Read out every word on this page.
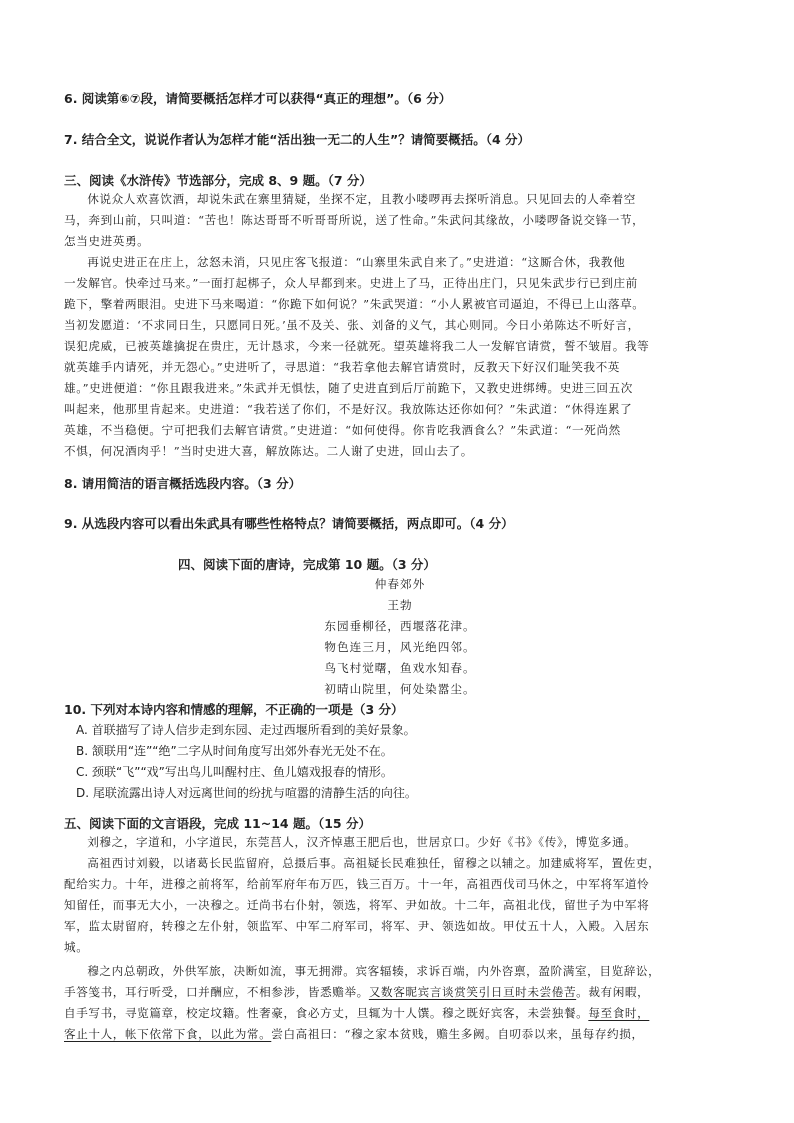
6. 阅读第⑥⑦段，请简要概括怎样才可以获得“真正的理想”。（6 分）
7. 结合全文，说说作者认为怎样才能“活出独一无二的人生”？请简要概括。（4 分）
三、阅读《水浒传》节选部分，完成 8、9 题。（7 分）
休说众人欢喜饮酒，却说朱武在寨里猜疑，坐探不定，且教小喽啰再去探听消息。只见回去的人牵着空
马，奔到山前，只叫道：“苦也！陈达哥哥不听哥哥所说，送了性命。”朱武问其缘故，小喽啰备说交锋一节，
怎当史进英勇。
再说史进正在庄上，忿怒未消，只见庄客飞报道：“山寨里朱武自来了。”史进道：“这厮合休，我教他
一发解官。快牵过马来。”一面打起梆子，众人早都到来。史进上了马，正待出庄门，只见朱武步行已到庄前
跪下，擎着两眼泪。史进下马来喝道：“你跪下如何说？”朱武哭道：“小人累被官司逼迫，不得已上山落草。
当初发愿道：‘不求同日生，只愿同日死。’虽不及关、张、刘备的义气，其心则同。今日小弟陈达不听好言，
误犯虎威，已被英雄擒捉在贵庄，无计恳求，今来一径就死。望英雄将我二人一发解官请赏，誓不皱眉。我等
就英雄手内请死，并无怨心。”史进听了，寻思道：“我若拿他去解官请赏时，反教天下好汉们耻笑我不英
雄。”史进便道：“你且跟我进来。”朱武并无惧怯，随了史进直到后厅前跪下，又教史进绑缚。史进三回五次
叫起来，他那里肯起来。史进道：“我若送了你们，不是好汉。我放陈达还你如何？”朱武道：“休得连累了
英雄，不当稳便。宁可把我们去解官请赏。”史进道：“如何使得。你肯吃我酒食么？”朱武道：“一死尚然
不惧，何况酒肉乎！”当时史进大喜，解放陈达。二人谢了史进，回山去了。
8. 请用简洁的语言概括选段内容。（3 分）
9. 从选段内容可以看出朱武具有哪些性格特点？请简要概括，两点即可。（4 分）
四、阅读下面的唐诗，完成第 10 题。（3 分）
仲春郊外
王勃
东园垂柳径，西堰落花津。
物色连三月，风光绝四邻。
鸟飞村觉曙，鱼戏水知春。
初晴山院里，何处染嚣尘。
10. 下列对本诗内容和情感的理解，不正确的一项是（3 分）
A. 首联描写了诗人信步走到东园、走过西堰所看到的美好景象。
B. 颔联用“连”“绝”二字从时间角度写出郊外春光无处不在。
C. 颈联“飞”“戏”写出鸟儿叫醒村庄、鱼儿嬉戏报春的情形。
D. 尾联流露出诗人对远离世间的纷扰与喧嚣的清静生活的向往。
五、阅读下面的文言语段，完成 11~14 题。（15 分）
刘穆之，字道和，小字道民，东莞莒人，汉齐悼惠王肥后也，世居京口。少好《书》《传》，博览多通。
高祖西讨刘毅，以诸葛长民监留府，总摄后事。高祖疑长民难独任，留穆之以辅之。加建威将军，置佐吏，
配给实力。十年，进穆之前将军，给前军府年布万匹，钱三百万。十一年，高祖西伐司马休之，中军将军道怜
知留任，而事无大小，一决穆之。迁尚书右仆射，领选，将军、尹如故。十二年，高祖北伐，留世子为中军将
军，监太尉留府，转穆之左仆射，领监军、中军二府军司，将军、尹、领选如故。甲仗五十人，入殿。入居东
城。
穆之内总朝政，外供军旅，决断如流，事无拥滞。宾客辐辏，求诉百端，内外咨禀，盈阶满室，目览辞讼，
手答笺书，耳行听受，口并酬应，不相参涉，皆悉赡举。又数客昵宾言谈赏笑引日亘时未尝倦苦。裁有闲暇，
自手写书，寻览篇章，校定坟籍。性奢豪，食必方丈，旦辄为十人馔。穆之既好宾客，未尝独餐。每至食时，
客止十人，帐下依常下食，以此为常。尝白高祖曰：“穆之家本贫贱，赡生多阙。自叨忝以来，虽每存约损，
